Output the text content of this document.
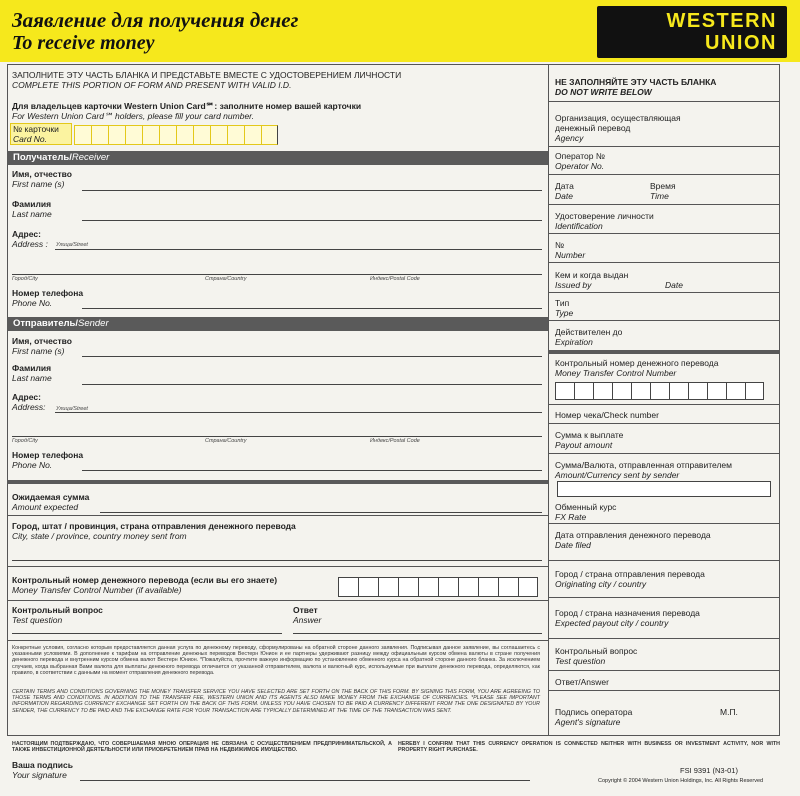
Заявление для получения денег
To receive money
WESTERN
UNION
ЗАПОЛНИТЕ ЭТУ ЧАСТЬ БЛАНКА И ПРЕДСТАВЬТЕ ВМЕСТЕ С УДОСТОВЕРЕНИЕМ ЛИЧНОСТИ
COMPLETE THIS PORTION OF FORM AND PRESENT WITH VALID I.D.
Для владельцев карточки Western Union Card℠: заполните номер вашей карточки
For Western Union Card℠ holders, please fill your card number.
№ карточки
Card No.
Получатель/Receiver
Имя, отчество
First name (s)
Фамилия
Last name
Адрес:
Address : Улица/Street
Город/City	Страна/Country	Индекс/Postal Code
Номер телефона
Phone No.
Отправитель/Sender
Имя, отчество
First name (s)
Фамилия
Last name
Адрес:
Address: Улица/Street
Город/City	Страна/Country	Индекс/Postal Code
Номер телефона
Phone No.
Ожидаемая сумма
Amount expected
Город, штат / провинция, страна отправления денежного перевода
City, state / province, country money sent from
Контрольный номер денежного перевода (если вы его знаете)
Money Transfer Control Number (if available)
Контрольный вопрос
Test question
Ответ
Answer
Конкретные условия, согласно которым предоставляется данная услуга по денежному переводу, сформулированы на обратной стороне данного заявления. Подписывая данное заявление, вы соглашаетесь с указанными условиями. В дополнение к тарифам на отправление денежных переводов Вестерн Юнион и ее партнеры удерживают разницу между официальным курсом обмена валюты в стране получения денежного перевода и внутренним курсом обмена валют Вестерн Юнион. *Пожалуйста, прочтите важную информацию по установлению обменного курса на обратной стороне данного бланка. За исключением случаев, когда выбранная Вами валюта для выплаты денежного перевода отличается от указанной отправителем, валюта и валютный курс, используемые при выплате денежного перевода, определяются, как правило, в соответствии с данными на момент отправления денежного перевода.
CERTAIN TERMS AND CONDITIONS GOVERNING THE MONEY TRANSFER SERVICE YOU HAVE SELECTED ARE SET FORTH ON THE BACK OF THIS FORM. BY SIGNING THIS FORM, YOU ARE AGREEING TO THOSE TERMS AND CONDITIONS. IN ADDITION TO THE TRANSFER FEE, WESTERN UNION AND ITS AGENTS ALSO MAKE MONEY FROM THE EXCHANGE OF CURRENCIES. *PLEASE SEE IMPORTANT INFORMATION REGARDING CURRENCY EXCHANGE SET FORTH ON THE BACK OF THIS FORM. UNLESS YOU HAVE CHOSEN TO BE PAID A CURRENCY DIFFERENT FROM THE ONE DESIGNATED BY YOUR SENDER, THE CURRENCY TO BE PAID AND THE EXCHANGE RATE FOR YOUR TRANSACTION ARE TYPICALLY DETERMINED AT THE TIME OF THE TRANSACTION WAS SENT.
НАСТОЯЩИМ ПОДТВЕРЖДАЮ, ЧТО СОВЕРШАЕМАЯ МНОЮ ОПЕРАЦИЯ НЕ СВЯЗАНА С ОСУЩЕСТВЛЕНИЕМ ПРЕДПРИНИМАТЕЛЬСКОЙ, А ТАКЖЕ ИНВЕСТИЦИОННОЙ ДЕЯТЕЛЬНОСТИ ИЛИ ПРИОБРЕТЕНИЕМ ПРАВ НА НЕДВИЖИМОЕ ИМУЩЕСТВО.
HEREBY I CONFIRM THAT THIS CURRENCY OPERATION IS CONNECTED NEITHER WITH BUSINESS OR INVESTMENT ACTIVITY, NOR WITH PROPERTY RIGHT PURCHASE.
Ваша подпись
Your signature	FSI 9391 (N3-01)
Copyright © 2004 Western Union Holdings, Inc. All Rights Reserved
НЕ ЗАПОЛНЯЙТЕ ЭТУ ЧАСТЬ БЛАНКА
DO NOT WRITE BELOW
Организация, осуществляющая денежный перевод
Agency
Оператор №
Operator No.
Дата
Date
Время
Time
Удостоверение личности
Identification
№
Number
Кем и когда выдан
Issued by	Date
Тип
Type
Действителен до
Expiration
Контрольный номер денежного перевода
Money Transfer Control Number
Номер чека/Check number
Сумма к выплате
Payout amount
Сумма/Валюта, отправленная отправителем
Amount/Currency sent by sender
Обменный курс
FX Rate
Дата отправления денежного перевода
Date filed
Город / страна отправления перевода
Originating city / country
Город / страна назначения перевода
Expected payout city / country
Контрольный вопрос
Test question
Ответ/Answer
Подпись оператора
Agent's signature
М.П.
